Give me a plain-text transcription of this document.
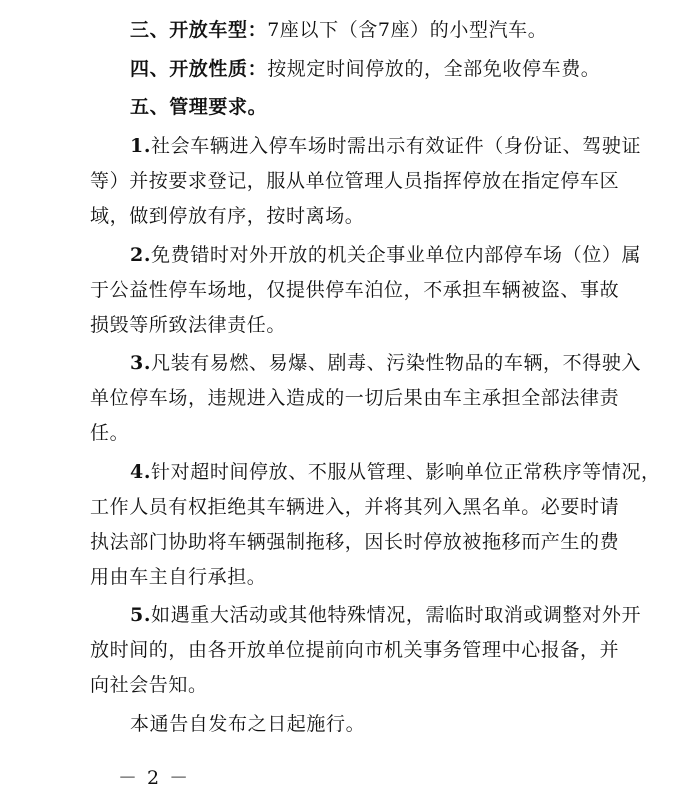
三、开放车型：7座以下（含7座）的小型汽车。
四、开放性质：按规定时间停放的，全部免收停车费。
五、管理要求。
1.社会车辆进入停车场时需出示有效证件（身份证、驾驶证
等）并按要求登记，服从单位管理人员指挥停放在指定停车区
域，做到停放有序，按时离场。
2.免费错时对外开放的机关企事业单位内部停车场（位）属
于公益性停车场地，仅提供停车泊位，不承担车辆被盗、事故
损毁等所致法律责任。
3.凡装有易燃、易爆、剧毒、污染性物品的车辆，不得驶入
单位停车场，违规进入造成的一切后果由车主承担全部法律责
任。
4.针对超时间停放、不服从管理、影响单位正常秩序等情况，
工作人员有权拒绝其车辆进入，并将其列入黑名单。必要时请
执法部门协助将车辆强制拖移，因长时停放被拖移而产生的费
用由车主自行承担。
5.如遇重大活动或其他特殊情况，需临时取消或调整对外开
放时间的，由各开放单位提前向市机关事务管理中心报备，并
向社会告知。
本通告自发布之日起施行。
－ 2 －
